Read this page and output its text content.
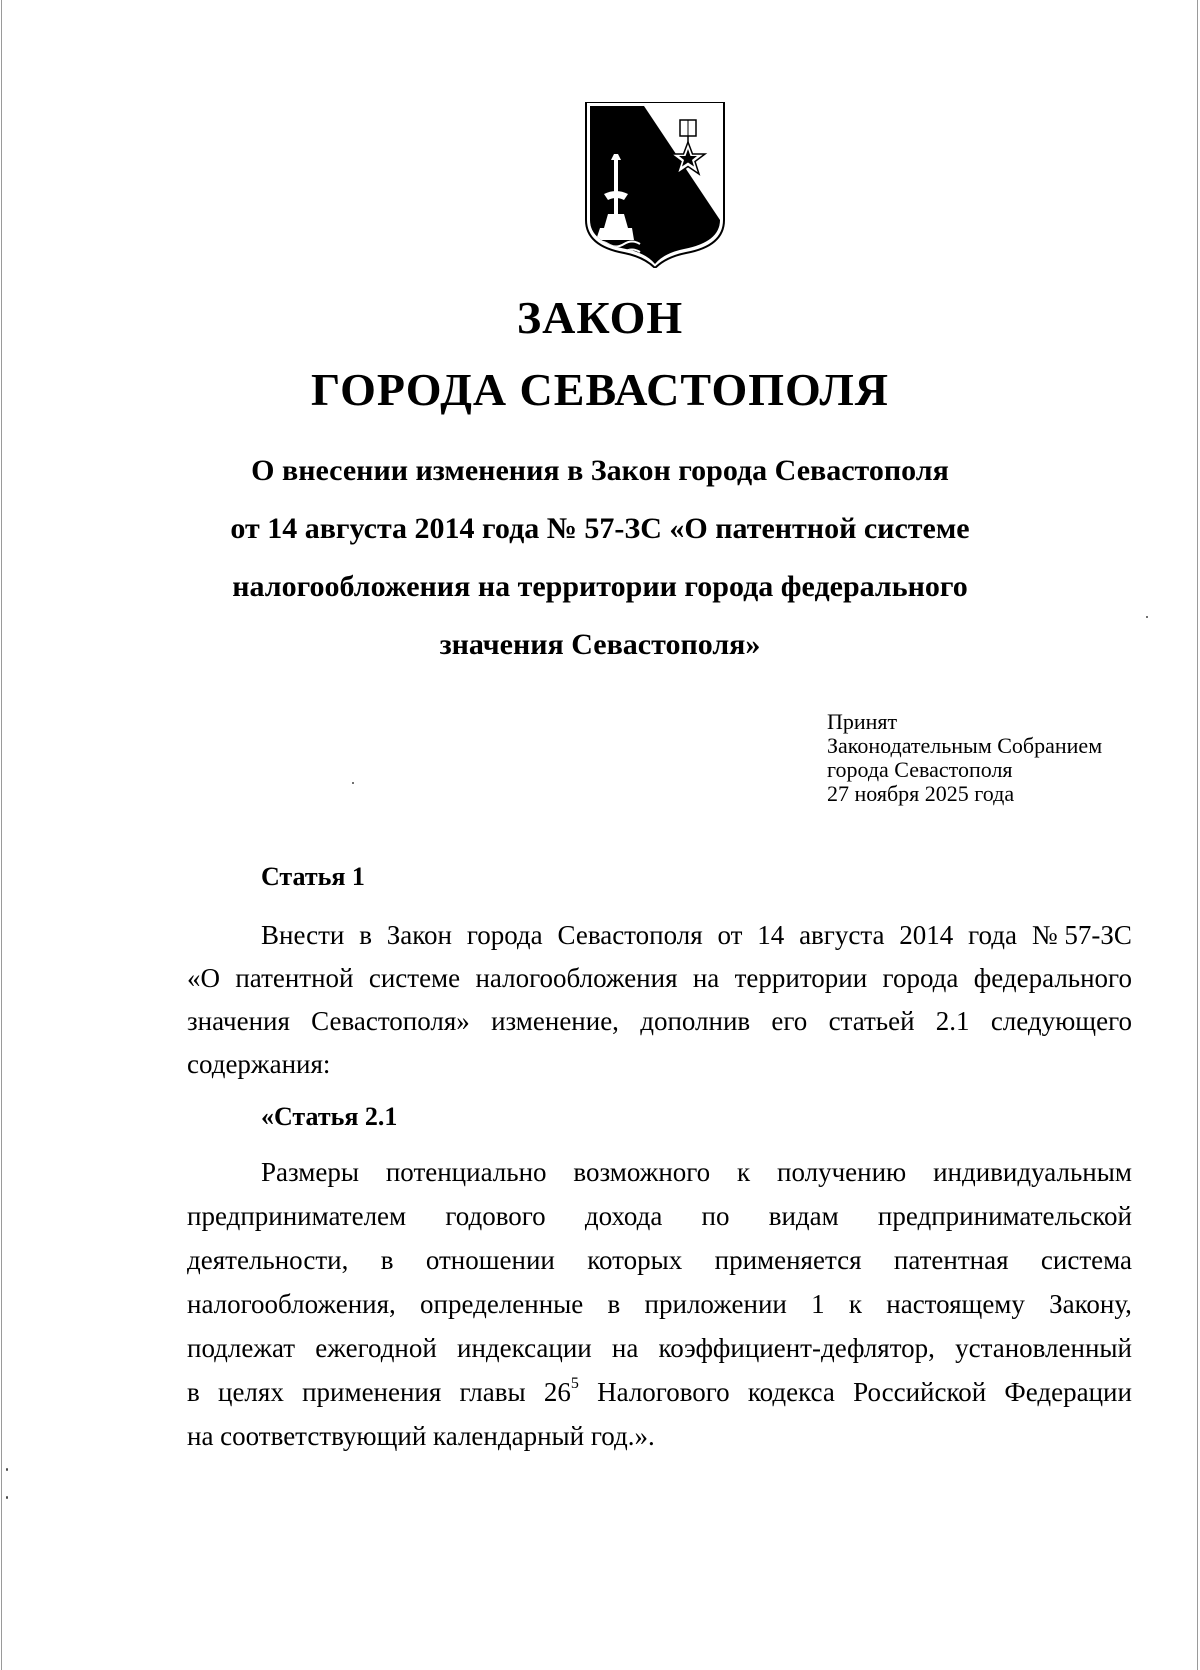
ЗАКОН
ГОРОДА СЕВАСТОПОЛЯ
О внесении изменения в Закон города Севастополя
от 14 августа 2014 года № 57-ЗС «О патентной системе
налогообложения на территории города федерального
значения Севастополя»
Принят
Законодательным Собранием
города Севастополя
27 ноября 2025 года
Статья 1
Внести в Закон города Севастополя от 14 августа 2014 года № 57-ЗС
«О патентной системе налогообложения на территории города федерального
значения Севастополя» изменение, дополнив его статьей 2.1 следующего
содержания:
«Статья 2.1
Размеры потенциально возможного к получению индивидуальным
предпринимателем годового дохода по видам предпринимательской
деятельности, в отношении которых применяется патентная система
налогообложения, определенные в приложении 1 к настоящему Закону,
подлежат ежегодной индексации на коэффициент-дефлятор, установленный
в целях применения главы $26^5$ Налогового кодекса Российской Федерации
на соответствующий календарный год.».
